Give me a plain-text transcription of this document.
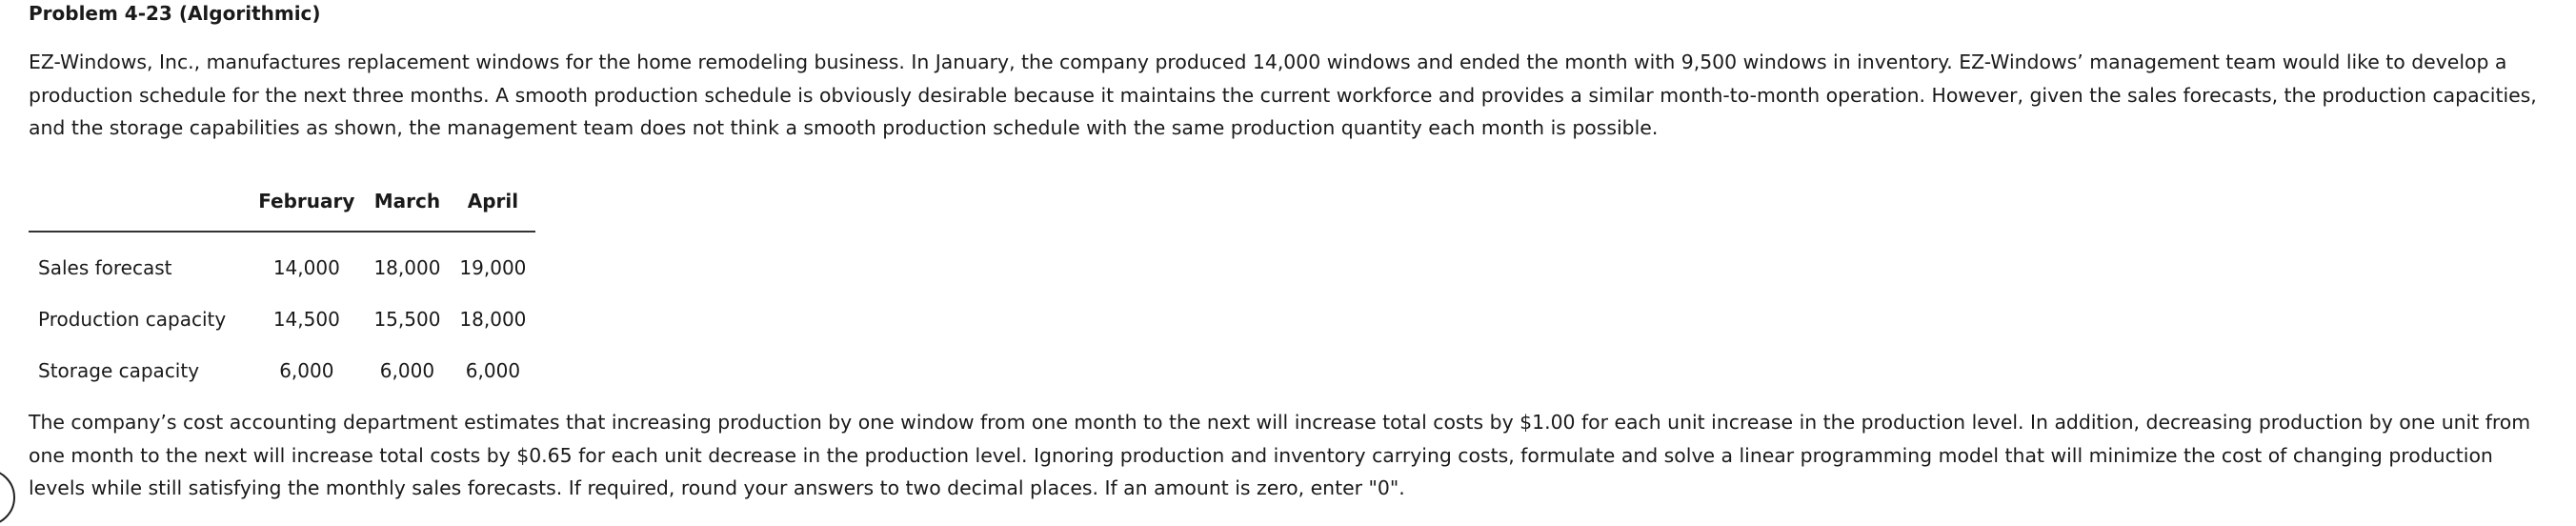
Problem 4-23 (Algorithmic)

EZ-Windows, Inc., manufactures replacement windows for the home remodeling business. In January, the company produced 14,000 windows and ended the month with 9,500 windows in inventory. EZ-Windows’ management team would like to develop a production schedule for the next three months. A smooth production schedule is obviously desirable because it maintains the current workforce and provides a similar month-to-month operation. However, given the sales forecasts, the production capacities, and the storage capabilities as shown, the management team does not think a smooth production schedule with the same production quantity each month is possible.

	February	March	April
Sales forecast	14,000	18,000	19,000
Production capacity	14,500	15,500	18,000
Storage capacity	6,000	6,000	6,000

The company’s cost accounting department estimates that increasing production by one window from one month to the next will increase total costs by $1.00 for each unit increase in the production level. In addition, decreasing production by one unit from one month to the next will increase total costs by $0.65 for each unit decrease in the production level. Ignoring production and inventory carrying costs, formulate and solve a linear programming model that will minimize the cost of changing production levels while still satisfying the monthly sales forecasts. If required, round your answers to two decimal places. If an amount is zero, enter "0".
